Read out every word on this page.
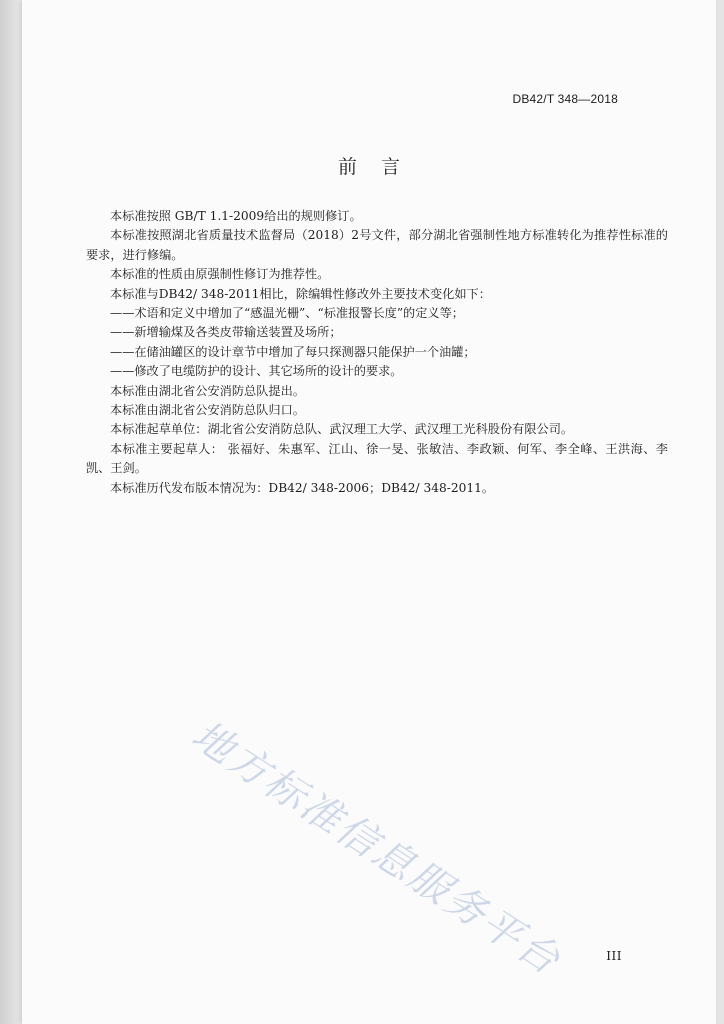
DB42/T 348—2018
前言

本标准按照 GB/T 1.1-2009给出的规则修订。

本标准按照湖北省质量技术监督局（2018）2号文件，部分湖北省强制性地方标准转化为推荐性标准的要求，进行修编。

本标准的性质由原强制性修订为推荐性。

本标准与DB42/ 348-2011相比，除编辑性修改外主要技术变化如下：

——术语和定义中增加了“感温光栅”、“标准报警长度”的定义等；

——新增输煤及各类皮带输送装置及场所；

——在储油罐区的设计章节中增加了每只探测器只能保护一个油罐；

——修改了电缆防护的设计、其它场所的设计的要求。

本标准由湖北省公安消防总队提出。

本标准由湖北省公安消防总队归口。

本标准起草单位：湖北省公安消防总队、武汉理工大学、武汉理工光科股份有限公司。

本标准主要起草人： 张福好、朱惠军、江山、徐一旻、张敏洁、李政颖、何军、李全峰、王洪海、李凯、王剑。

本标准历代发布版本情况为：DB42/ 348-2006；DB42/ 348-2011。

地方标准信息服务平台	III
